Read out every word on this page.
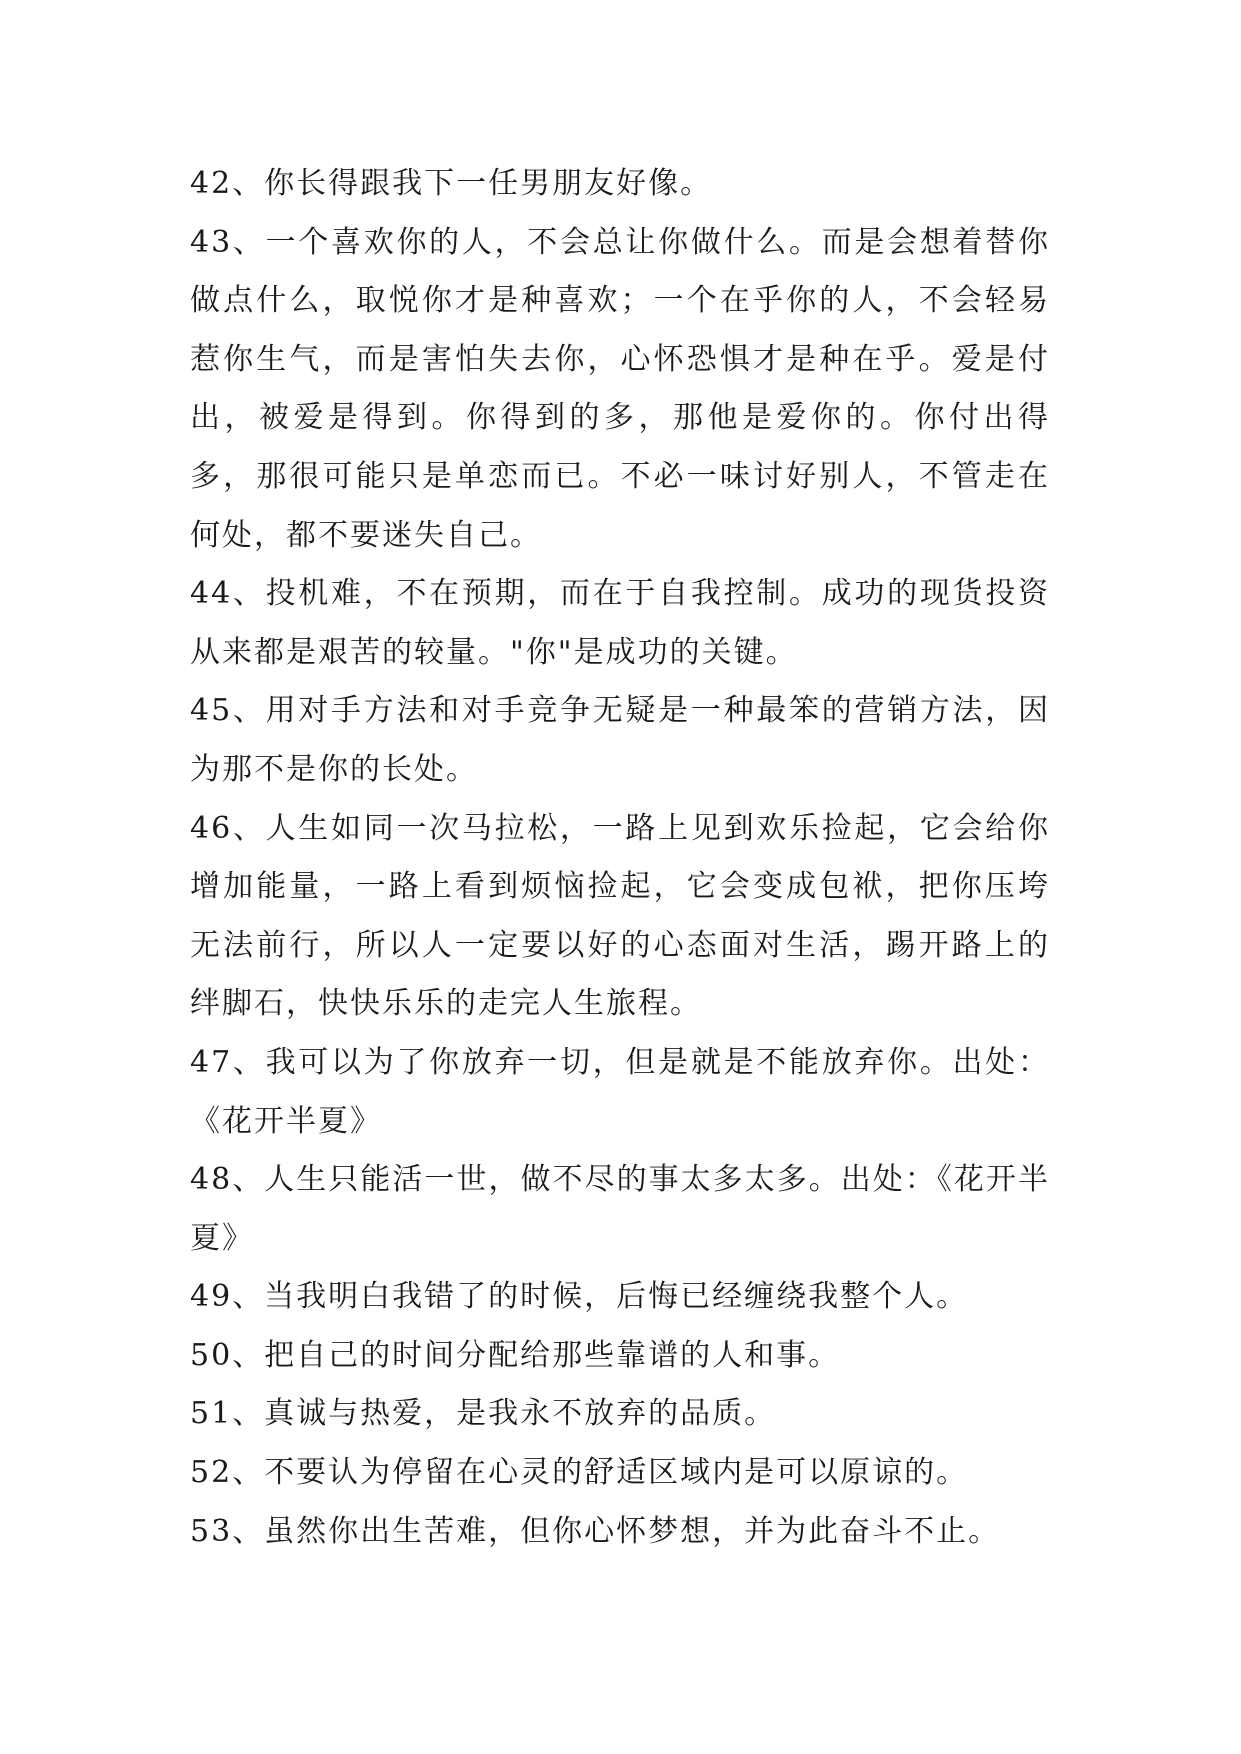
42、你长得跟我下一任男朋友好像。

43、一个喜欢你的人，不会总让你做什么。而是会想着替你做点什么，取悦你才是种喜欢；一个在乎你的人，不会轻易惹你生气，而是害怕失去你，心怀恐惧才是种在乎。爱是付出，被爱是得到。你得到的多，那他是爱你的。你付出得多，那很可能只是单恋而已。不必一味讨好别人，不管走在何处，都不要迷失自己。

44、投机难，不在预期，而在于自我控制。成功的现货投资从来都是艰苦的较量。"你"是成功的关键。

45、用对手方法和对手竞争无疑是一种最笨的营销方法，因为那不是你的长处。

46、人生如同一次马拉松，一路上见到欢乐捡起，它会给你增加能量，一路上看到烦恼捡起，它会变成包袱，把你压垮无法前行，所以人一定要以好的心态面对生活，踢开路上的绊脚石，快快乐乐的走完人生旅程。

47、我可以为了你放弃一切，但是就是不能放弃你。出处：《花开半夏》

48、人生只能活一世，做不尽的事太多太多。出处：《花开半夏》

49、当我明白我错了的时候，后悔已经缠绕我整个人。

50、把自己的时间分配给那些靠谱的人和事。

51、真诚与热爱，是我永不放弃的品质。

52、不要认为停留在心灵的舒适区域内是可以原谅的。

53、虽然你出生苦难，但你心怀梦想，并为此奋斗不止。
